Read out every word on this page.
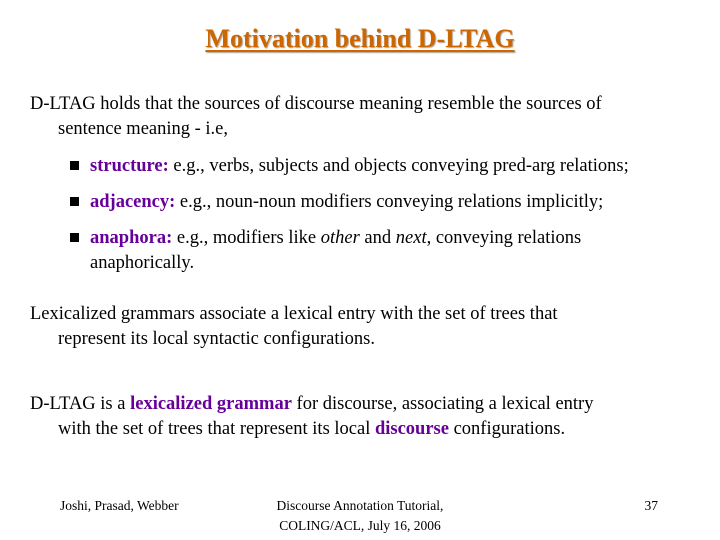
Motivation behind D-LTAG

D-LTAG holds that the sources of discourse meaning resemble the sources of
sentence meaning - i.e,

structure: e.g., verbs, subjects and objects conveying pred-arg relations;
adjacency: e.g., noun-noun modifiers conveying relations implicitly;
anaphora: e.g., modifiers like other and next, conveying relations
anaphorically.

Lexicalized grammars associate a lexical entry with the set of trees that
represent its local syntactic configurations.

D-LTAG is a lexicalized grammar for discourse, associating a lexical entry
with the set of trees that represent its local discourse configurations.

Joshi, Prasad, Webber	Discourse Annotation Tutorial,
COLING/ACL, July 16, 2006
37
